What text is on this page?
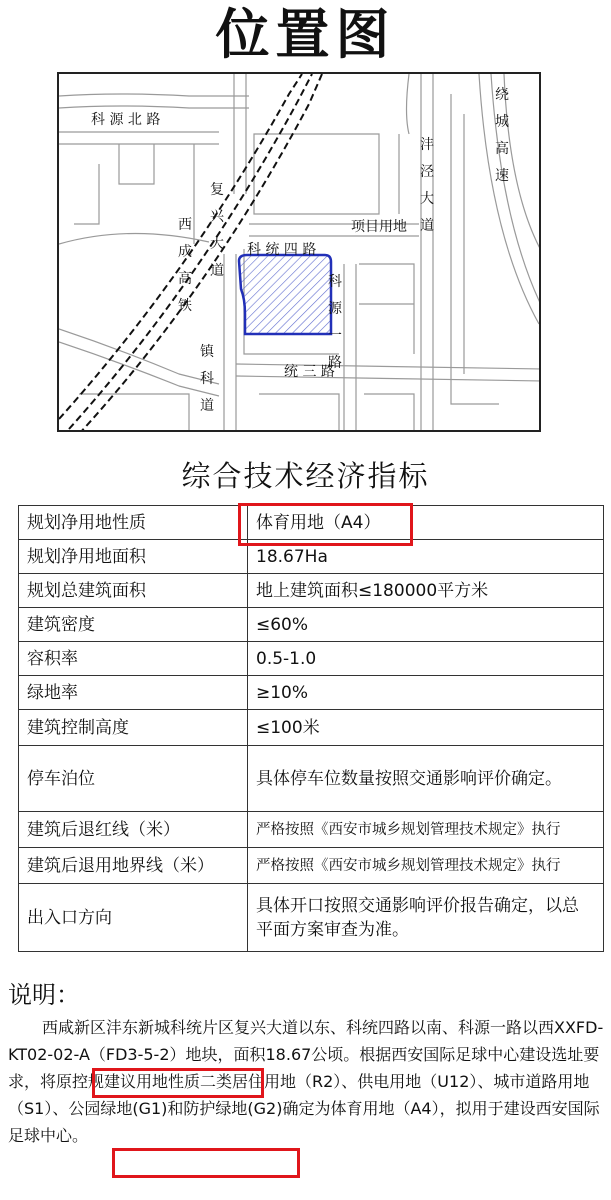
位置图
科 源 北 路
绕城高速
沣泾大道
项目用地
科 统 四 路
科源一路
复兴大道
西成高铁
统 三 路
镇科道
综合技术经济指标
规划净用地性质	体育用地（A4）
规划净用地面积	18.67Ha
规划总建筑面积	地上建筑面积≤180000平方米
建筑密度	≤60%
容积率	0.5-1.0
绿地率	≥10%
建筑控制高度	≤100米
停车泊位	具体停车位数量按照交通影响评价确定。
建筑后退红线（米）	严格按照《西安市城乡规划管理技术规定》执行
建筑后退用地界线（米）	严格按照《西安市城乡规划管理技术规定》执行
出入口方向	具体开口按照交通影响评价报告确定，以总平面方案审查为准。
说明：
西咸新区沣东新城科统片区复兴大道以东、科统四路以南、科源一路以西XXFD-KT02-02-A（FD3-5-2）地块，面积18.67公顷。根据西安国际足球中心建设选址要求，将原控规建议用地性质二类居住用地（R2）、供电用地（U12）、城市道路用地（S1）、公园绿地(G1)和防护绿地(G2)确定为体育用地（A4），拟用于建设西安国际足球中心。
